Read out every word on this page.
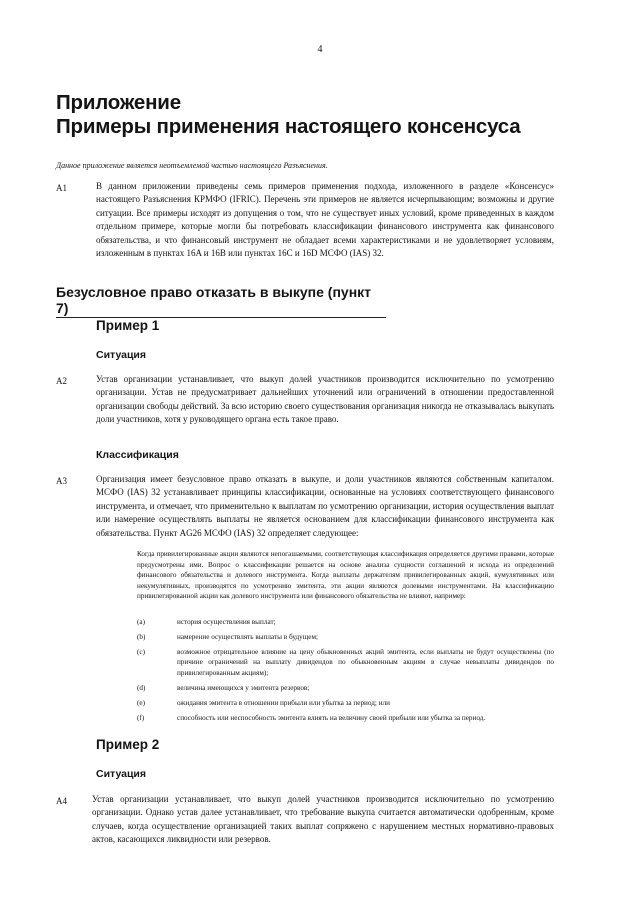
4
Приложение
Примеры применения настоящего консенсуса
Данное приложение является неотъемлемой частью настоящего Разъяснения.
A1	В данном приложении приведены семь примеров применения подхода, изложенного в разделе «Консенсус» настоящего Разъяснения КРМФО (IFRIC). Перечень эти примеров не является исчерпывающим; возможны и другие ситуации. Все примеры исходят из допущения о том, что не существует иных условий, кроме приведенных в каждом отдельном примере, которые могли бы потребовать классификации финансового инструмента как финансового обязательства, и что финансовый инструмент не обладает всеми характеристиками и не удовлетворяет условиям, изложенным в пунктах 16A и 16B или пунктах 16C и 16D МСФО (IAS) 32.
Безусловное право отказать в выкупе (пункт 7)
Пример 1
Ситуация
A2	Устав организации устанавливает, что выкуп долей участников производится исключительно по усмотрению организации. Устав не предусматривает дальнейших уточнений или ограничений в отношении предоставленной организации свободы действий. За всю историю своего существования организация никогда не отказывалась выкупать доли участников, хотя у руководящего органа есть такое право.
Классификация
A3	Организация имеет безусловное право отказать в выкупе, и доли участников являются собственным капиталом. МСФО (IAS) 32 устанавливает принципы классификации, основанные на условиях соответствующего финансового инструмента, и отмечает, что применительно к выплатам по усмотрению организации, история осуществления выплат или намерение осуществлять выплаты не является основанием для классификации финансового инструмента как обязательства. Пункт AG26 МСФО (IAS) 32 определяет следующее:
Когда привилегированные акции являются непогашаемыми, соответствующая классификация определяется другими правами, которые предусмотрены ими. Вопрос о классификации решается на основе анализа сущности соглашений и исхода из определений финансового обязательства и долевого инструмента. Когда выплаты держателям привилегированных акций, кумулятивных или некумулятивных, производятся по усмотрению эмитента, эти акции являются долевыми инструментами. На классификацию привилегированной акции как долевого инструмента или финансового обязательства не влияют, например:
(a)	история осуществления выплат;
(b)	намерение осуществлять выплаты в будущем;
(c)	возможное отрицательное влияние на цену обыкновенных акций эмитента, если выплаты не будут осуществлены (по причине ограничений на выплату дивидендов по обыкновенным акциям в случае невыплаты дивидендов по привилегированным акциям);
(d)	величина имеющихся у эмитента резервов;
(e)	ожидания эмитента в отношении прибыли или убытка за период; или
(f)	способность или неспособность эмитента влиять на величину своей прибыли или убытка за период.
Пример 2
Ситуация
A4	Устав организации устанавливает, что выкуп долей участников производится исключительно по усмотрению организации. Однако устав далее устанавливает, что требование выкупа считается автоматически одобренным, кроме случаев, когда осуществление организацией таких выплат сопряжено с нарушением местных нормативно-правовых актов, касающихся ликвидности или резервов.
